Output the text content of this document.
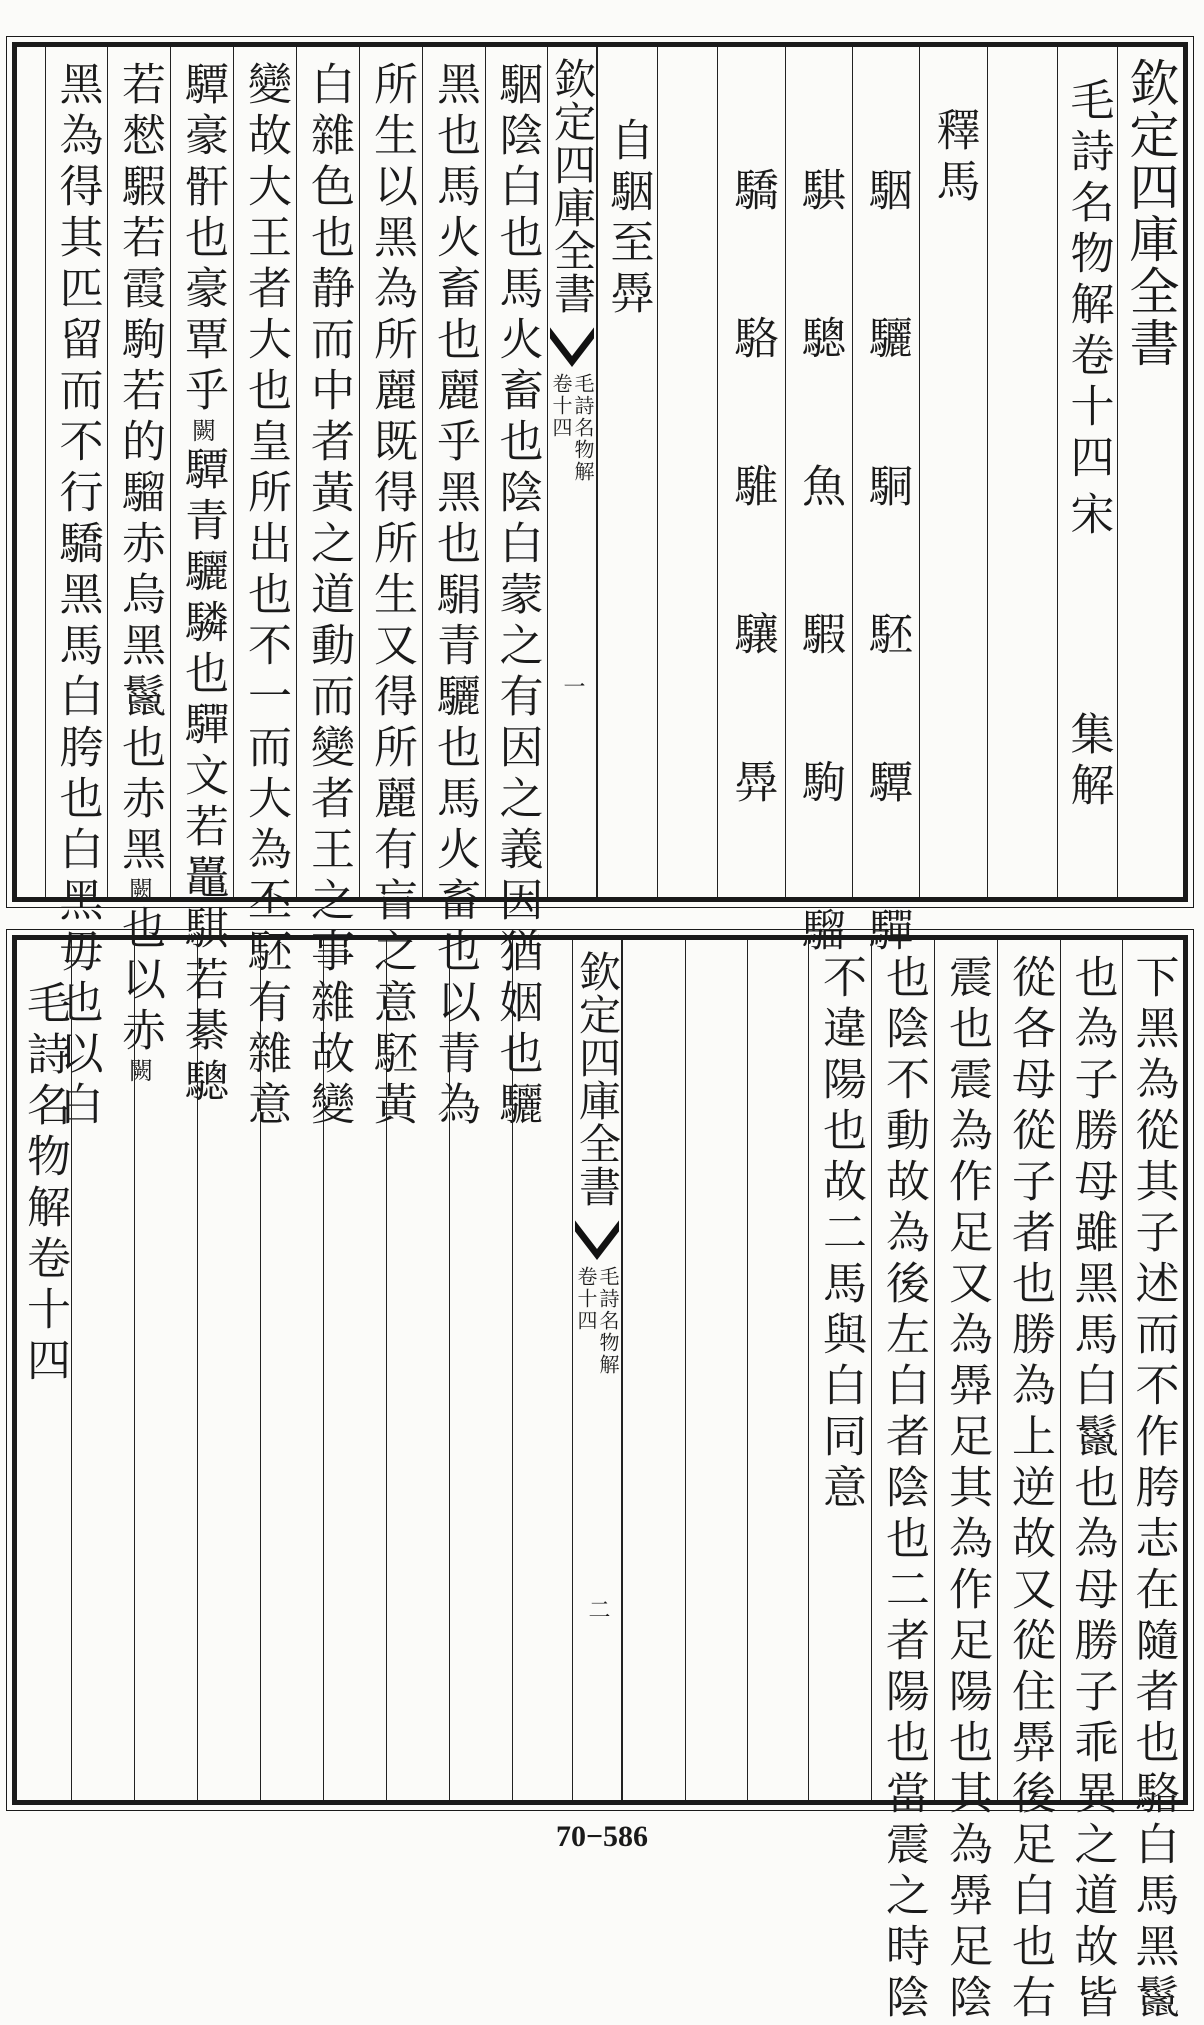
欽定四庫全書
毛詩名物解卷十四
宋
集解
釋馬
駰　驪　駧　駓　驔　驒
騏　驄　魚　騢　駒　騮
驕　駱　騅　驤　馵
自駰至馵
欽定四庫全書
毛詩名物解
卷十四
一
駰陰白也馬火畜也陰白蒙之有因之義因猶姻也驪
黑也馬火畜也麗乎黑也駽青驪也馬火畜也以青為
所生以黑為所麗既得所生又得所麗有盲之意駓黃
白雜色也静而中者黃之道動而變者王之事雜故變
變故大王者大也皇所出也不一而大為丕駓有雜意
驔豪骭也豪覃乎
闕
驔青驪驎也驒文若鼉騏若綦驄
若憖騢若霞駒若的騮赤烏黑鬣也赤黑
闕
也以赤
闕
黑為得其匹留而不行驕黑馬白胯也白黑毋也以白
下黑為從其子述而不作胯志在隨者也駱白馬黑鬣
也為子勝母雖黑馬白鬣也為母勝子乖異之道故皆
從各母從子者也勝為上逆故又從住馵後足白也右
震也震為作足又為馵足其為作足陽也其為馵足陰
也陰不動故為後左白者陰也二者陽也當震之時陰
不違陽也故二馬與白同意
欽定四庫全書
毛詩名物解
卷十四
二
毛詩名物解卷十四
70−586
